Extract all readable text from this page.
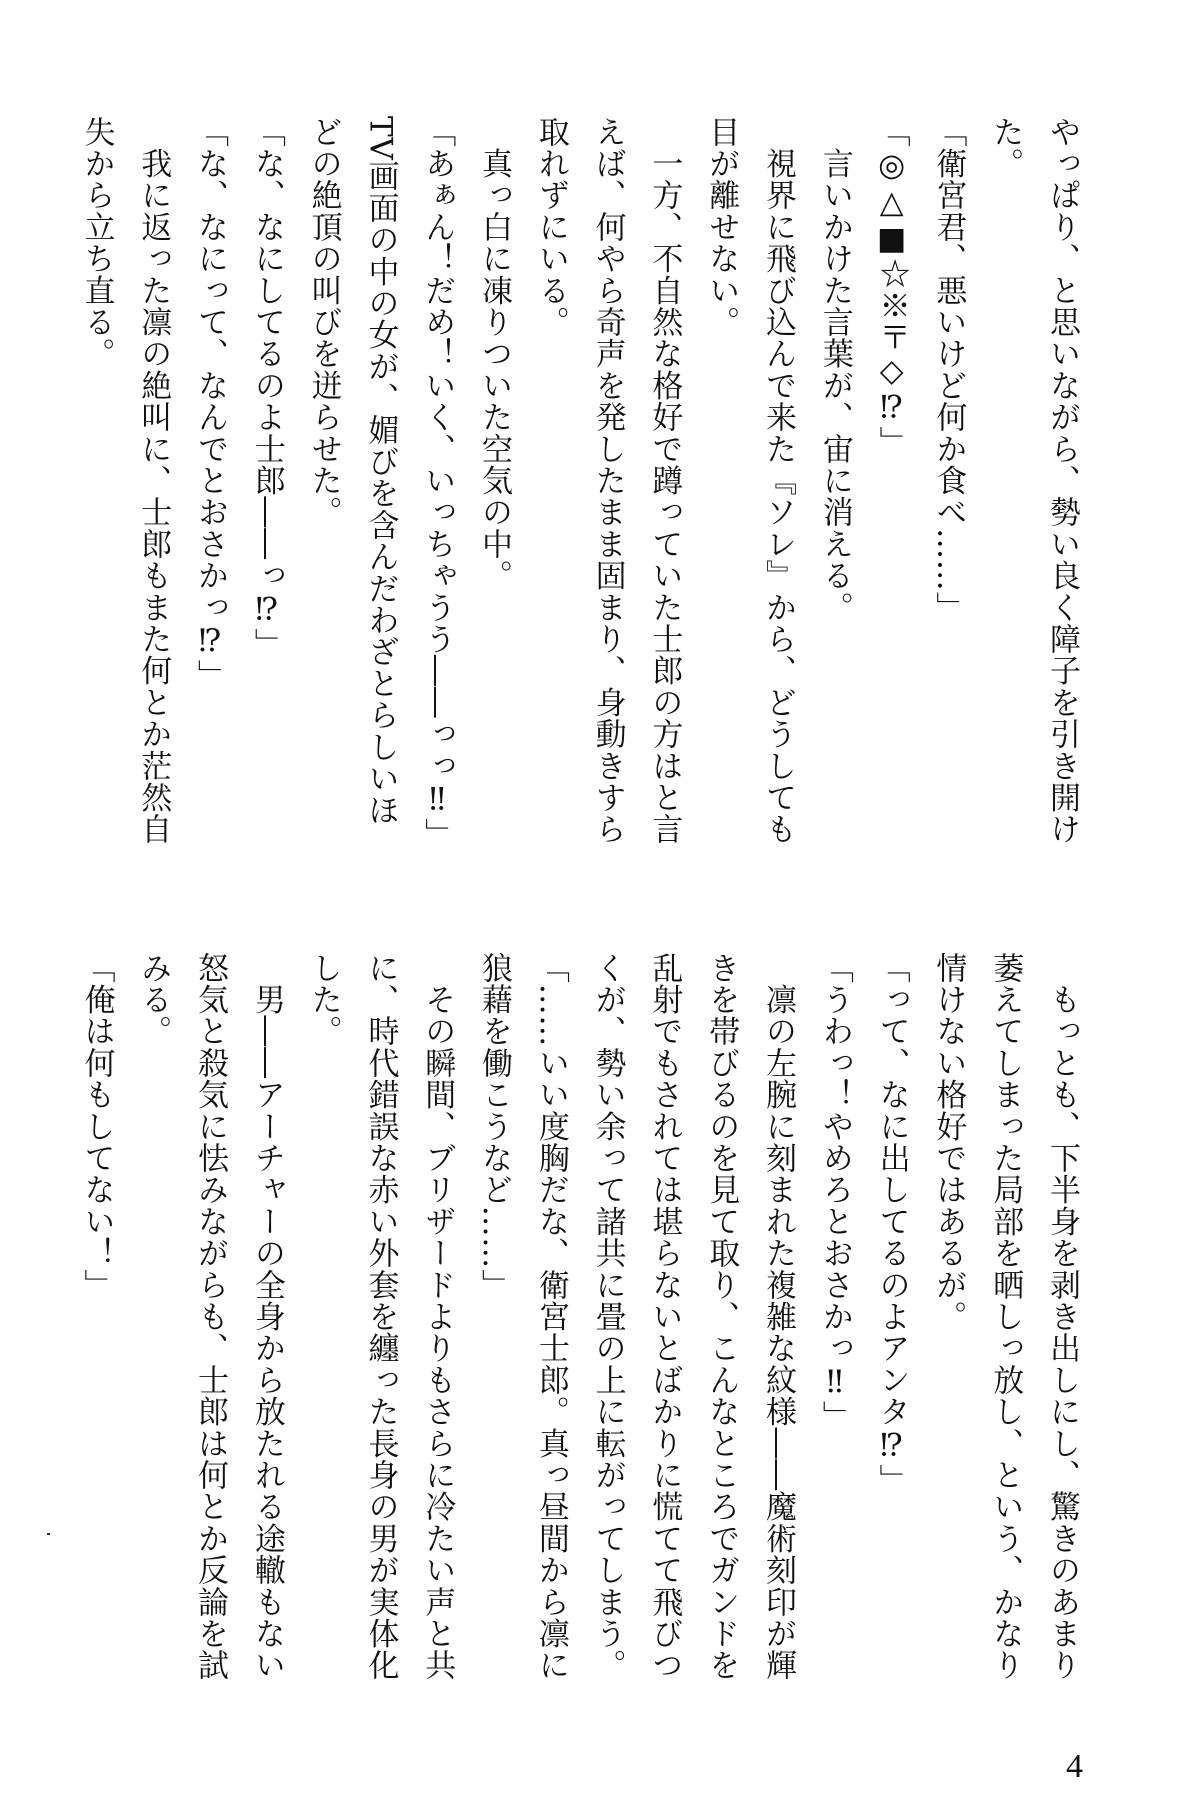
やっぱり、と思いながら、勢い良く障子を引き開け
た。
「衛宮君、悪いけど何か食べ……」
「◎△■☆※〒◇⁉」
　言いかけた言葉が、宙に消える。
　視界に飛び込んで来た『ソレ』から、どうしても
目が離せない。
　一方、不自然な格好で蹲っていた士郎の方はと言
えば、何やら奇声を発したまま固まり、身動きすら
取れずにいる。
　真っ白に凍りついた空気の中。
「あぁん！だめ！いく、いっちゃうう――っっ‼」
TV画面の中の女が、媚びを含んだわざとらしいほ
どの絶頂の叫びを迸らせた。
「な、なにしてるのよ士郎――っ⁉」
「な、なにって、なんでとおさかっ⁉」
　我に返った凛の絶叫に、士郎もまた何とか茫然自
失から立ち直る。
　もっとも、下半身を剥き出しにし、驚きのあまり
萎えてしまった局部を晒しっ放し、という、かなり
情けない格好ではあるが。
「って、なに出してるのよアンタ⁉」
「うわっ！やめろとおさかっ‼」
　凛の左腕に刻まれた複雑な紋様――魔術刻印が輝
きを帯びるのを見て取り、こんなところでガンドを
乱射でもされては堪らないとばかりに慌てて飛びつ
くが、勢い余って諸共に畳の上に転がってしまう。
「……いい度胸だな、衛宮士郎。真っ昼間から凛に
狼藉を働こうなど……」
　その瞬間、ブリザードよりもさらに冷たい声と共
に、時代錯誤な赤い外套を纏った長身の男が実体化
した。
　男――アーチャーの全身から放たれる途轍もない
怒気と殺気に怯みながらも、士郎は何とか反論を試
みる。
「俺は何もしてない！」
4
